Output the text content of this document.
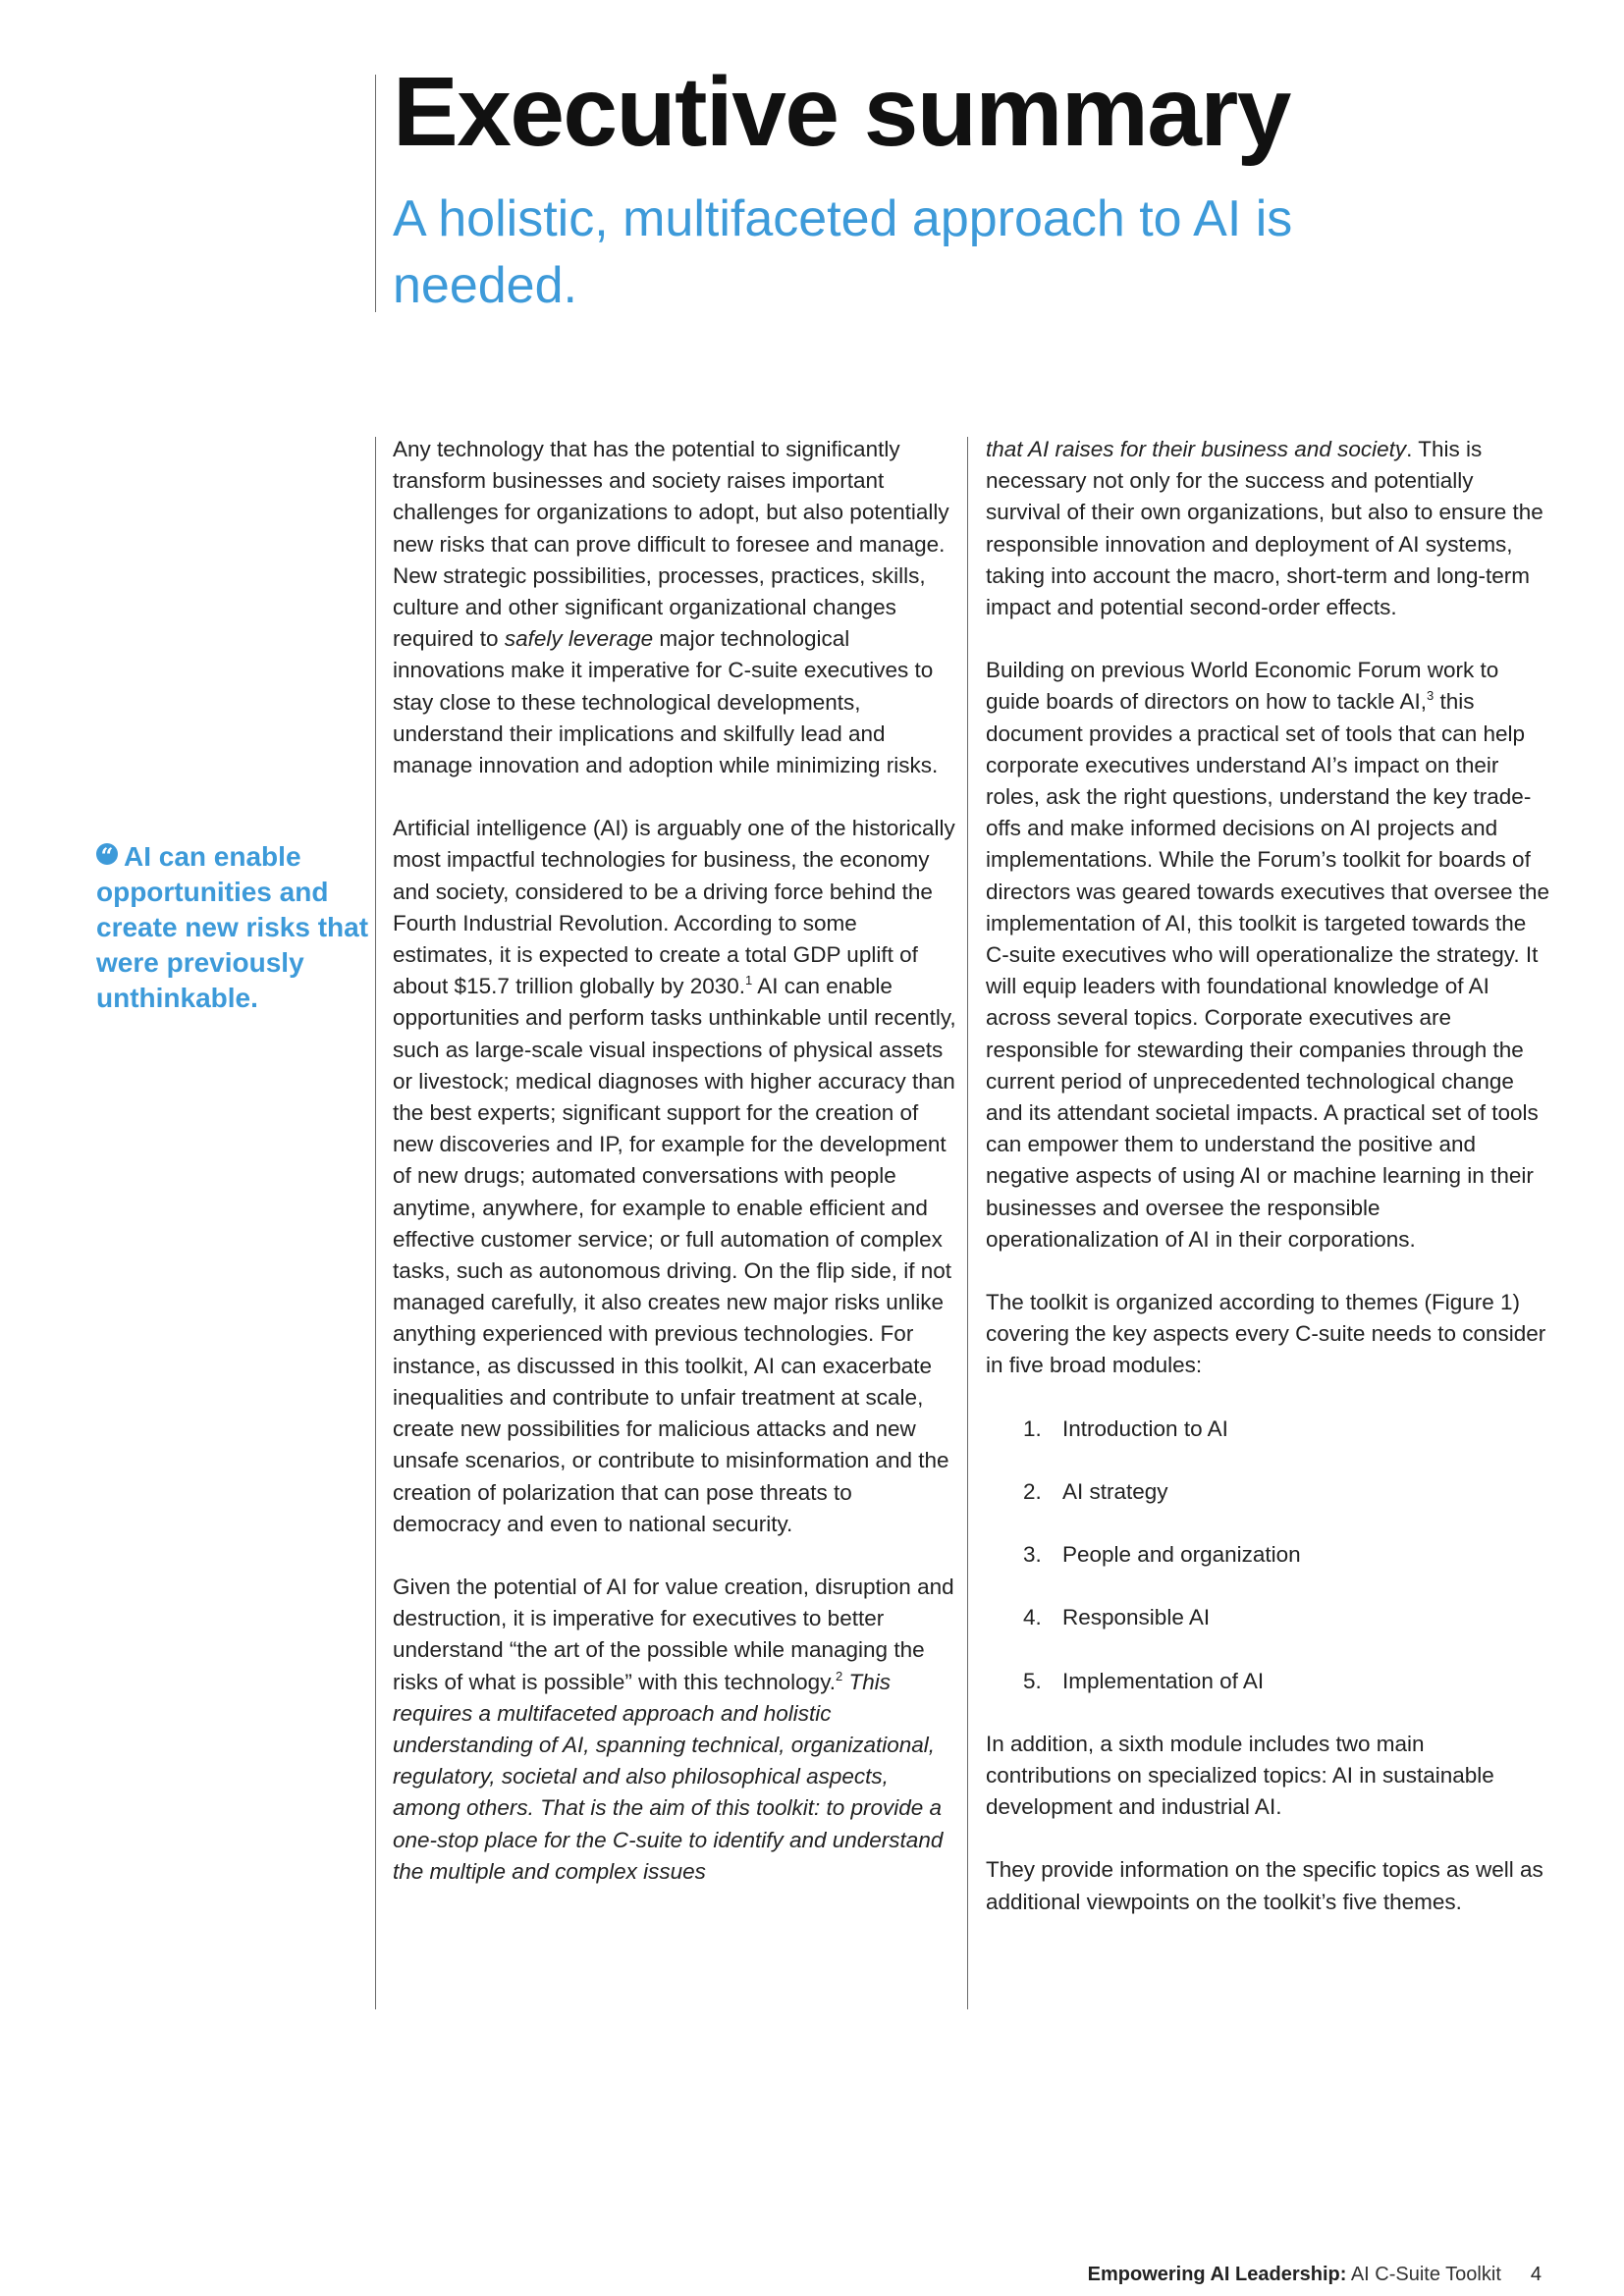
Executive summary
A holistic, multifaceted approach to AI is needed.
“ AI can enable opportunities and create new risks that were previously unthinkable.

Any technology that has the potential to significantly transform businesses and society raises important challenges for organizations to adopt, but also potentially new risks that can prove difficult to foresee and manage. New strategic possibilities, processes, practices, skills, culture and other significant organizational changes required to safely leverage major technological innovations make it imperative for C-suite executives to stay close to these technological developments, understand their implications and skilfully lead and manage innovation and adoption while minimizing risks.

Artificial intelligence (AI) is arguably one of the historically most impactful technologies for business, the economy and society, considered to be a driving force behind the Fourth Industrial Revolution. According to some estimates, it is expected to create a total GDP uplift of about $15.7 trillion globally by 2030.$^1$ AI can enable opportunities and perform tasks unthinkable until recently, such as large-scale visual inspections of physical assets or livestock; medical diagnoses with higher accuracy than the best experts; significant support for the creation of new discoveries and IP, for example for the development of new drugs; automated conversations with people anytime, anywhere, for example to enable efficient and effective customer service; or full automation of complex tasks, such as autonomous driving. On the flip side, if not managed carefully, it also creates new major risks unlike anything experienced with previous technologies. For instance, as discussed in this toolkit, AI can exacerbate inequalities and contribute to unfair treatment at scale, create new possibilities for malicious attacks and new unsafe scenarios, or contribute to misinformation and the creation of polarization that can pose threats to democracy and even to national security.

Given the potential of AI for value creation, disruption and destruction, it is imperative for executives to better understand “the art of the possible while managing the risks of what is possible” with this technology.$^2$ This requires a multifaceted approach and holistic understanding of AI, spanning technical, organizational, regulatory, societal and also philosophical aspects, among others. That is the aim of this toolkit: to provide a one-stop place for the C-suite to identify and understand the multiple and complex issues

that AI raises for their business and society. This is necessary not only for the success and potentially survival of their own organizations, but also to ensure the responsible innovation and deployment of AI systems, taking into account the macro, short-term and long-term impact and potential second-order effects.

Building on previous World Economic Forum work to guide boards of directors on how to tackle AI,$^3$ this document provides a practical set of tools that can help corporate executives understand AI’s impact on their roles, ask the right questions, understand the key trade-offs and make informed decisions on AI projects and implementations. While the Forum’s toolkit for boards of directors was geared towards executives that oversee the implementation of AI, this toolkit is targeted towards the C-suite executives who will operationalize the strategy. It will equip leaders with foundational knowledge of AI across several topics. Corporate executives are responsible for stewarding their companies through the current period of unprecedented technological change and its attendant societal impacts. A practical set of tools can empower them to understand the positive and negative aspects of using AI or machine learning in their businesses and oversee the responsible operationalization of AI in their corporations.

The toolkit is organized according to themes (Figure 1) covering the key aspects every C-suite needs to consider in five broad modules:

1. Introduction to AI
2. AI strategy
3. People and organization
4. Responsible AI
5. Implementation of AI

In addition, a sixth module includes two main contributions on specialized topics: AI in sustainable development and industrial AI.

They provide information on the specific topics as well as additional viewpoints on the toolkit’s five themes.

Empowering AI Leadership: AI C-Suite Toolkit 4
